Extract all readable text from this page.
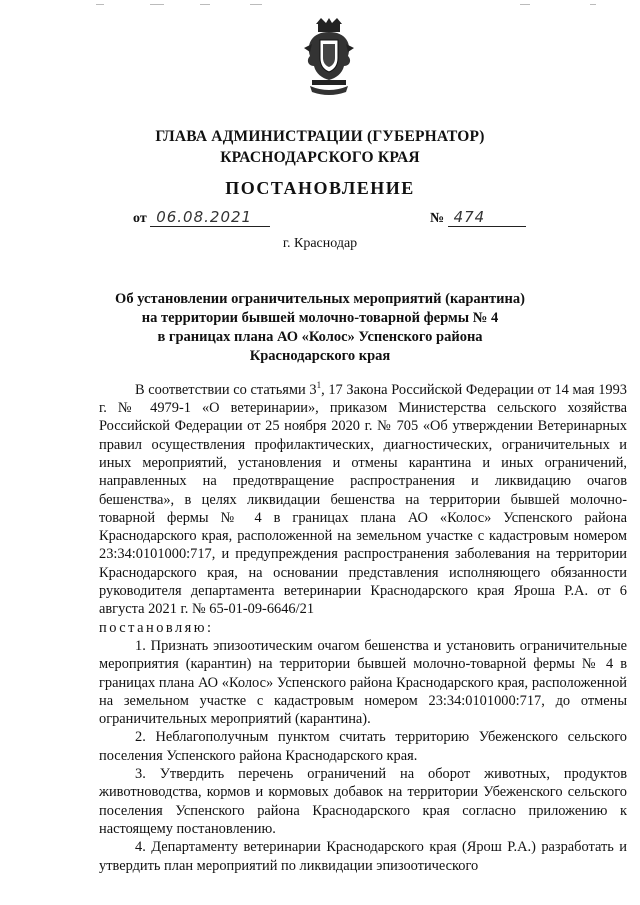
ГЛАВА АДМИНИСТРАЦИИ (ГУБЕРНАТОР)
КРАСНОДАРСКОГО КРАЯ
ПОСТАНОВЛЕНИЕ
от 06.08.2021	№ 474
г. Краснодар
Об установлении ограничительных мероприятий (карантина)
на территории бывшей молочно-товарной фермы № 4
в границах плана АО «Колос» Успенского района
Краснодарского края

В соответствии со статьями $3^1$, 17 Закона Российской Федерации от 14 мая 1993 г. № 4979-1 «О ветеринарии», приказом Министерства сельского хозяйства Российской Федерации от 25 ноября 2020 г. № 705 «Об утверждении Ветеринарных правил осуществления профилактических, диагностических, ограничительных и иных мероприятий, установления и отмены карантина и иных ограничений, направленных на предотвращение распространения и ликвидацию очагов бешенства», в целях ликвидации бешенства на территории бывшей молочно-товарной фермы № 4 в границах плана АО «Колос» Успенского района Краснодарского края, расположенной на земельном участке с кадастровым номером 23:34:0101000:717, и предупреждения распространения заболевания на территории Краснодарского края, на основании представления исполняющего обязанности руководителя департамента ветеринарии Краснодарского края Яроша Р.А. от 6 августа 2021 г. № 65-01-09-6646/21
постановляю:

1. Признать эпизоотическим очагом бешенства и установить ограничительные мероприятия (карантин) на территории бывшей молочно-товарной фермы № 4 в границах плана АО «Колос» Успенского района Краснодарского края, расположенной на земельном участке с кадастровым номером 23:34:0101000:717, до отмены ограничительных мероприятий (карантина).

2. Неблагополучным пунктом считать территорию Убеженского сельского поселения Успенского района Краснодарского края.

3. Утвердить перечень ограничений на оборот животных, продуктов животноводства, кормов и кормовых добавок на территории Убеженского сельского поселения Успенского района Краснодарского края согласно приложению к настоящему постановлению.

4. Департаменту ветеринарии Краснодарского края (Ярош Р.А.) разработать и утвердить план мероприятий по ликвидации эпизоотического
